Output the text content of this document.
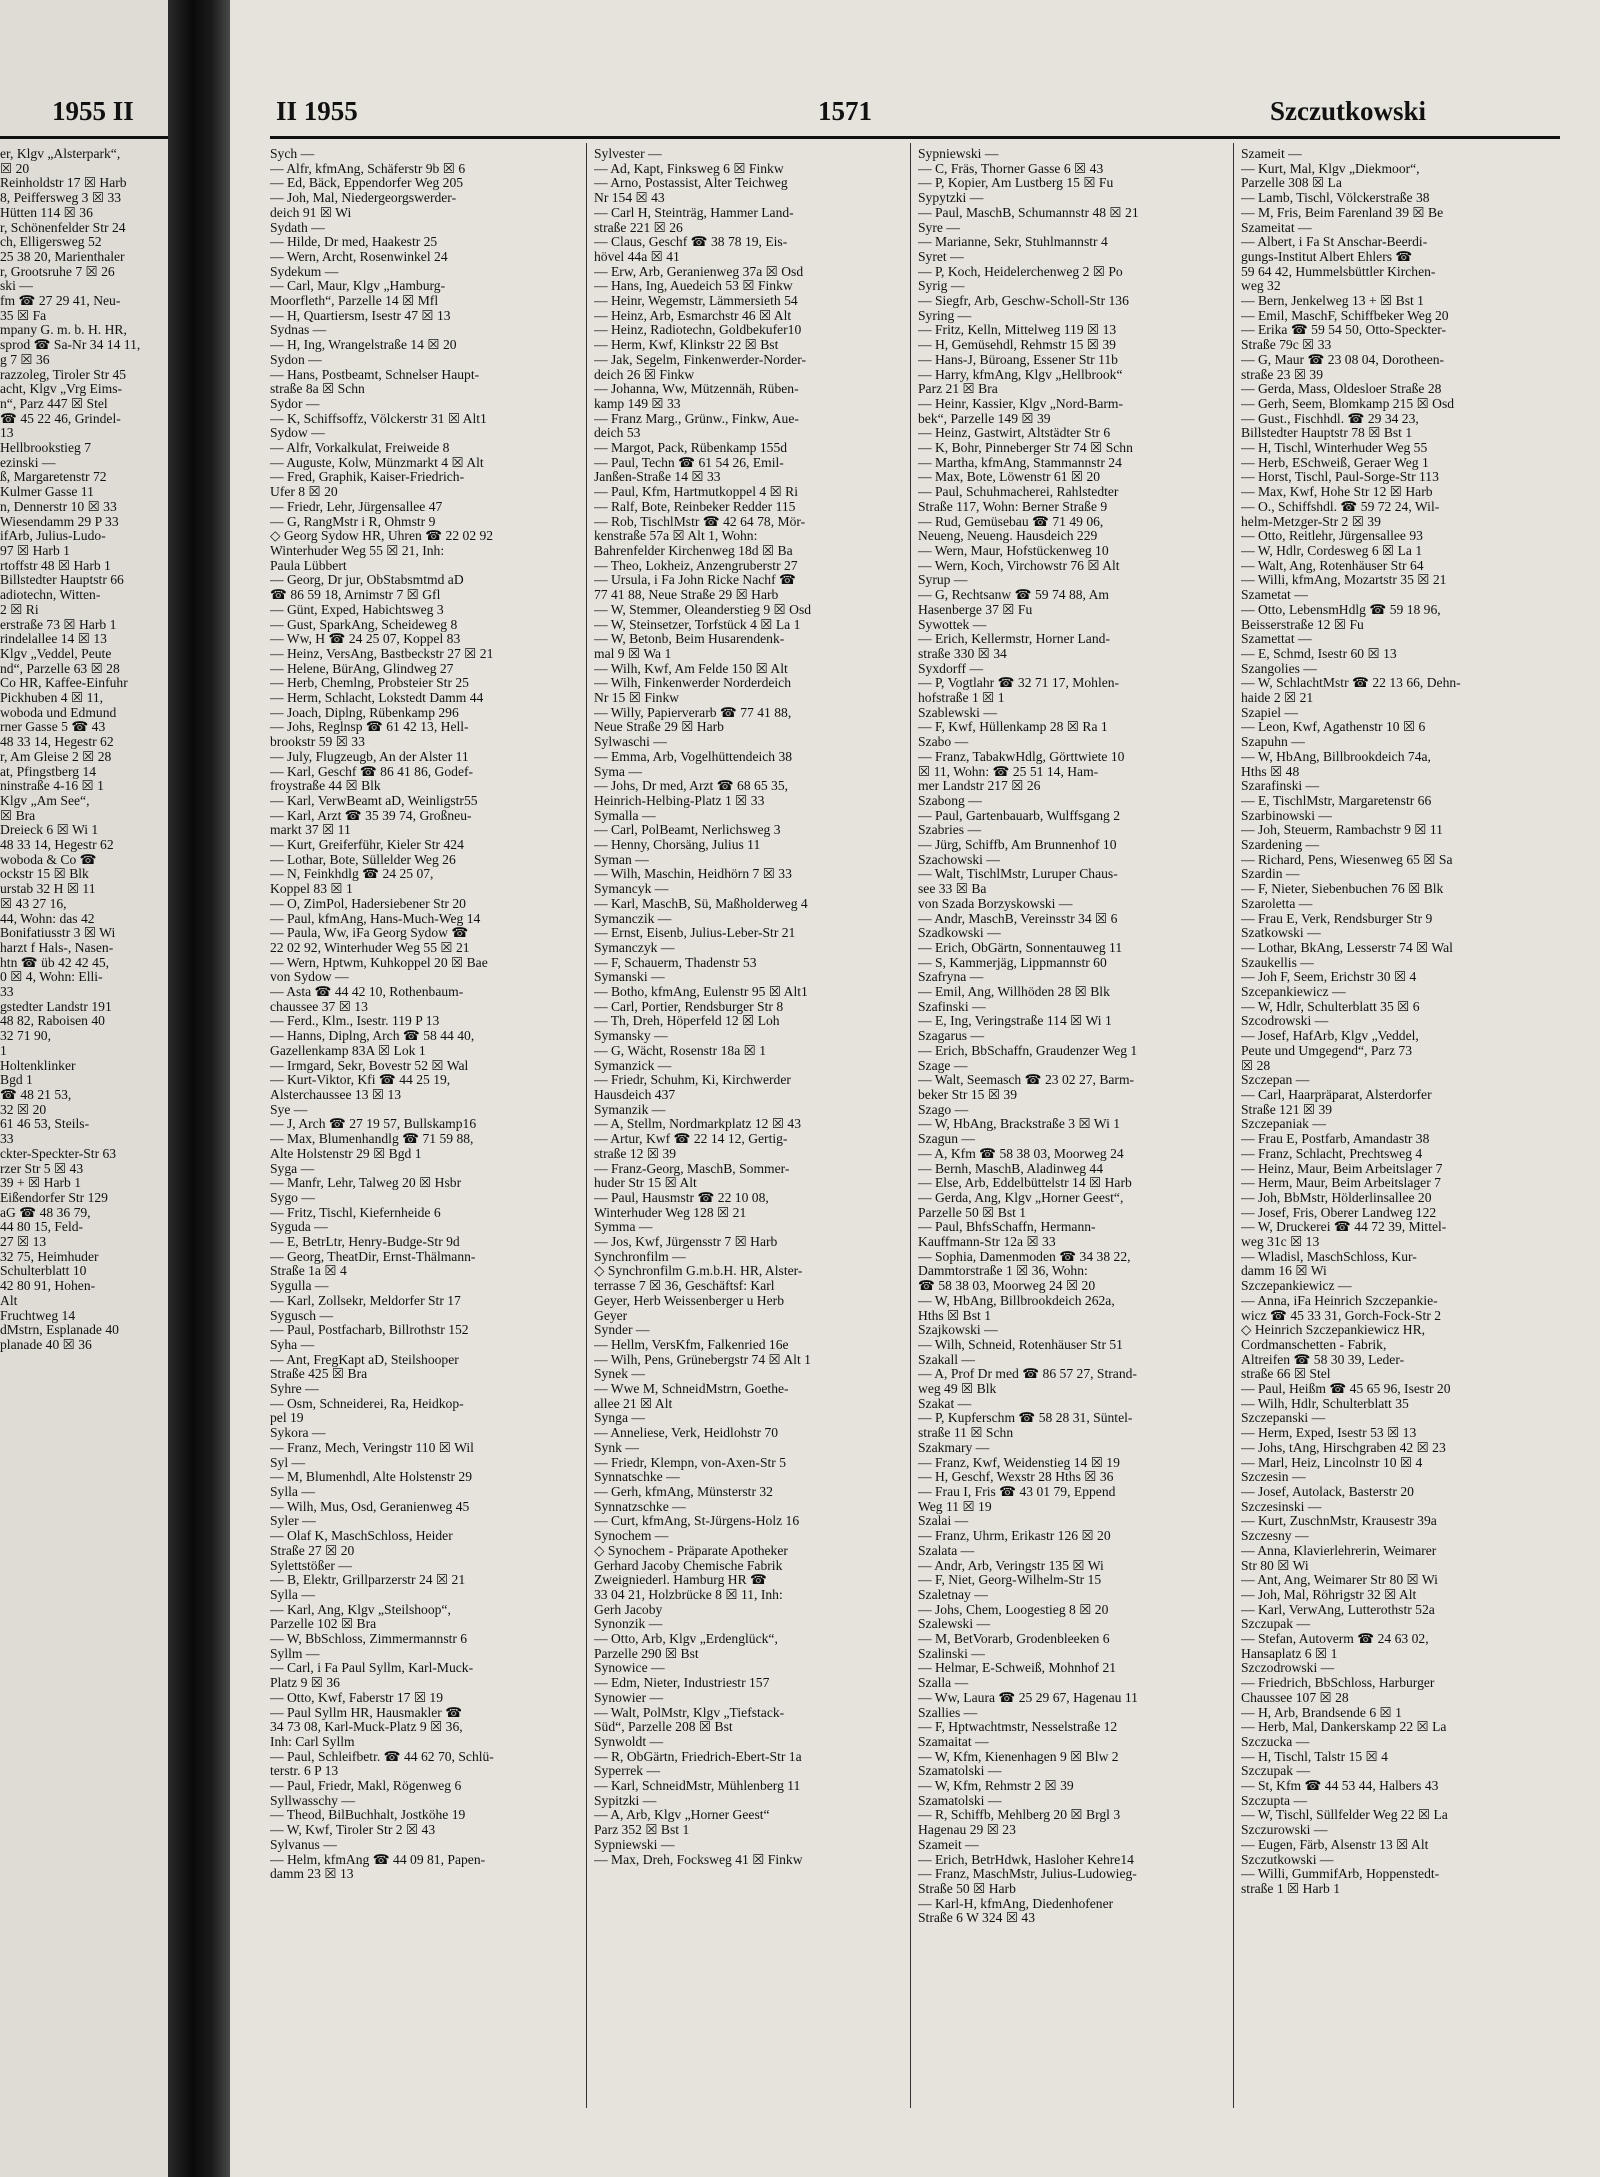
1955 II
er, Klgv „Alsterpark“,
☒ 20
Reinholdstr 17 ☒ Harb
8, Peiffersweg 3 ☒ 33
Hütten 114 ☒ 36
r, Schönenfelder Str 24
ch, Elligersweg 52
25 38 20, Marienthaler
r, Grootsruhe 7 ☒ 26
ski —
fm ☎ 27 29 41, Neu-
35 ☒ Fa
mpany G. m. b. H. HR,
sprod ☎ Sa-Nr 34 14 11,
g 7 ☒ 36
razzoleg, Tiroler Str 45
acht, Klgv „Vrg Eims-
n“, Parz 447 ☒ Stel
☎ 45 22 46, Grindel-
13
Hellbrookstieg 7
ezinski —
ß, Margaretenstr 72
Kulmer Gasse 11
n, Dennerstr 10 ☒ 33
Wiesendamm 29 P 33
ifArb, Julius-Ludo-
97 ☒ Harb 1
rtoffstr 48 ☒ Harb 1
Billstedter Hauptstr 66
adiotechn, Witten-
2 ☒ Ri
erstraße 73 ☒ Harb 1
rindelallee 14 ☒ 13
Klgv „Veddel, Peute
nd“, Parzelle 63 ☒ 28
Co HR, Kaffee-Einfuhr
Pickhuben 4 ☒ 11,
woboda und Edmund
rner Gasse 5 ☎ 43
48 33 14, Hegestr 62
r, Am Gleise 2 ☒ 28
at, Pfingstberg 14
ninstraße 4-16 ☒ 1
Klgv „Am See“,
☒ Bra
Dreieck 6 ☒ Wi 1
48 33 14, Hegestr 62
woboda & Co ☎
ockstr 15 ☒ Blk
urstab 32 H ☒ 11
☒ 43 27 16,
44, Wohn: das 42
Bonifatiusstr 3 ☒ Wi
harzt f Hals-, Nasen-
htn ☎ üb 42 42 45,
0 ☒ 4, Wohn: Elli-
33
gstedter Landstr 191
48 82, Raboisen 40
32 71 90,
1
Holtenklinker
Bgd 1
☎ 48 21 53,
32 ☒ 20
61 46 53, Steils-
33
ckter-Speckter-Str 63
rzer Str 5 ☒ 43
39 + ☒ Harb 1
Eißendorfer Str 129
aG ☎ 48 36 79,
44 80 15, Feld-
27 ☒ 13
32 75, Heimhuder
Schulterblatt 10
42 80 91, Hohen-
Alt
Fruchtweg 14
dMstrn, Esplanade 40
planade 40 ☒ 36
II 1955	1571	Szczutkowski
Sych —
— Alfr, kfmAng, Schäferstr 9b ☒ 6
— Ed, Bäck, Eppendorfer Weg 205
— Joh, Mal, Niedergeorgswerder-
deich 91 ☒ Wi
Sydath —
— Hilde, Dr med, Haakestr 25
— Wern, Archt, Rosenwinkel 24
Sydekum —
— Carl, Maur, Klgv „Hamburg-
Moorfleth“, Parzelle 14 ☒ Mfl
— H, Quartiersm, Isestr 47 ☒ 13
Sydnas —
— H, Ing, Wrangelstraße 14 ☒ 20
Sydon —
— Hans, Postbeamt, Schnelser Haupt-
straße 8a ☒ Schn
Sydor —
— K, Schiffsoffz, Völckerstr 31 ☒ Alt1
Sydow —
— Alfr, Vorkalkulat, Freiweide 8
— Auguste, Kolw, Münzmarkt 4 ☒ Alt
— Fred, Graphik, Kaiser-Friedrich-
Ufer 8 ☒ 20
— Friedr, Lehr, Jürgensallee 47
— G, RangMstr i R, Ohmstr 9
◇ Georg Sydow HR, Uhren ☎ 22 02 92
Winterhuder Weg 55 ☒ 21, Inh:
Paula Lübbert
— Georg, Dr jur, ObStabsmtmd aD
☎ 86 59 18, Arnimstr 7 ☒ Gfl
— Günt, Exped, Habichtsweg 3
— Gust, SparkAng, Scheideweg 8
— Ww, H ☎ 24 25 07, Koppel 83
— Heinz, VersAng, Bastbeckstr 27 ☒ 21
— Helene, BürAng, Glindweg 27
— Herb, Chemlng, Probsteier Str 25
— Herm, Schlacht, Lokstedt Damm 44
— Joach, Diplng, Rübenkamp 296
— Johs, Reglnsp ☎ 61 42 13, Hell-
brookstr 59 ☒ 33
— July, Flugzeugb, An der Alster 11
— Karl, Geschf ☎ 86 41 86, Godef-
froystraße 44 ☒ Blk
— Karl, VerwBeamt aD, Weinligstr55
— Karl, Arzt ☎ 35 39 74, Großneu-
markt 37 ☒ 11
— Kurt, Greiferführ, Kieler Str 424
— Lothar, Bote, Süllelder Weg 26
— N, Feinkhdlg ☎ 24 25 07,
Koppel 83 ☒ 1
— O, ZimPol, Hadersiebener Str 20
— Paul, kfmAng, Hans-Much-Weg 14
— Paula, Ww, iFa Georg Sydow ☎
22 02 92, Winterhuder Weg 55 ☒ 21
— Wern, Hptwm, Kuhkoppel 20 ☒ Bae
von Sydow —
— Asta ☎ 44 42 10, Rothenbaum-
chaussee 37 ☒ 13
— Ferd., Klm., Isestr. 119 P 13
— Hanns, Diplng, Arch ☎ 58 44 40,
Gazellenkamp 83A ☒ Lok 1
— Irmgard, Sekr, Bovestr 52 ☒ Wal
— Kurt-Viktor, Kfi ☎ 44 25 19,
Alsterchaussee 13 ☒ 13
Sye —
— J, Arch ☎ 27 19 57, Bullskamp16
— Max, Blumenhandlg ☎ 71 59 88,
Alte Holstenstr 29 ☒ Bgd 1
Syga —
— Manfr, Lehr, Talweg 20 ☒ Hsbr
Sygo —
— Fritz, Tischl, Kiefernheide 6
Syguda —
— E, BetrLtr, Henry-Budge-Str 9d
— Georg, TheatDir, Ernst-Thälmann-
Straße 1a ☒ 4
Sygulla —
— Karl, Zollsekr, Meldorfer Str 17
Sygusch —
— Paul, Postfacharb, Billrothstr 152
Syha —
— Ant, FregKapt aD, Steilshooper
Straße 425 ☒ Bra
Syhre —
— Osm, Schneiderei, Ra, Heidkop-
pel 19
Sykora —
— Franz, Mech, Veringstr 110 ☒ Wil
Syl —
— M, Blumenhdl, Alte Holstenstr 29
Sylla —
— Wilh, Mus, Osd, Geranienweg 45
Syler —
— Olaf K, MaschSchloss, Heider
Straße 27 ☒ 20
Sylettstößer —
— B, Elektr, Grillparzerstr 24 ☒ 21
Sylla —
— Karl, Ang, Klgv „Steilshoop“,
Parzelle 102 ☒ Bra
— W, BbSchloss, Zimmermannstr 6
Syllm —
— Carl, i Fa Paul Syllm, Karl-Muck-
Platz 9 ☒ 36
— Otto, Kwf, Faberstr 17 ☒ 19
— Paul Syllm HR, Hausmakler ☎
34 73 08, Karl-Muck-Platz 9 ☒ 36,
Inh: Carl Syllm
— Paul, Schleifbetr. ☎ 44 62 70, Schlü-
terstr. 6 P 13
— Paul, Friedr, Makl, Rögenweg 6
Syllwasschy —
— Theod, BilBuchhalt, Jostköhe 19
— W, Kwf, Tiroler Str 2 ☒ 43
Sylvanus —
— Helm, kfmAng ☎ 44 09 81, Papen-
damm 23 ☒ 13
Sylvester —
— Ad, Kapt, Finksweg 6 ☒ Finkw
— Arno, Postassist, Alter Teichweg
Nr 154 ☒ 43
— Carl H, Steinträg, Hammer Land-
straße 221 ☒ 26
— Claus, Geschf ☎ 38 78 19, Eis-
hövel 44a ☒ 41
— Erw, Arb, Geranienweg 37a ☒ Osd
— Hans, Ing, Auedeich 53 ☒ Finkw
— Heinr, Wegemstr, Lämmersieth 54
— Heinz, Arb, Esmarchstr 46 ☒ Alt
— Heinz, Radiotechn, Goldbekufer10
— Herm, Kwf, Klinkstr 22 ☒ Bst
— Jak, Segelm, Finkenwerder-Norder-
deich 26 ☒ Finkw
— Johanna, Ww, Mützennäh, Rüben-
kamp 149 ☒ 33
— Franz Marg., Grünw., Finkw, Aue-
deich 53
— Margot, Pack, Rübenkamp 155d
— Paul, Techn ☎ 61 54 26, Emil-
Janßen-Straße 14 ☒ 33
— Paul, Kfm, Hartmutkoppel 4 ☒ Ri
— Ralf, Bote, Reinbeker Redder 115
— Rob, TischlMstr ☎ 42 64 78, Mör-
kenstraße 57a ☒ Alt 1, Wohn:
Bahrenfelder Kirchenweg 18d ☒ Ba
— Theo, Lokheiz, Anzengruberstr 27
— Ursula, i Fa John Ricke Nachf ☎
77 41 88, Neue Straße 29 ☒ Harb
— W, Stemmer, Oleanderstieg 9 ☒ Osd
— W, Steinsetzer, Torfstück 4 ☒ La 1
— W, Betonb, Beim Husarendenk-
mal 9 ☒ Wa 1
— Wilh, Kwf, Am Felde 150 ☒ Alt
— Wilh, Finkenwerder Norderdeich
Nr 15 ☒ Finkw
— Willy, Papierverarb ☎ 77 41 88,
Neue Straße 29 ☒ Harb
Sylwaschi —
— Emma, Arb, Vogelhüttendeich 38
Syma —
— Johs, Dr med, Arzt ☎ 68 65 35,
Heinrich-Helbing-Platz 1 ☒ 33
Symalla —
— Carl, PolBeamt, Nerlichsweg 3
— Henny, Chorsäng, Julius 11
Syman —
— Wilh, Maschin, Heidhörn 7 ☒ 33
Symancyk —
— Karl, MaschB, Sü, Maßholderweg 4
Symanczik —
— Ernst, Eisenb, Julius-Leber-Str 21
Symanczyk —
— F, Schauerm, Thadenstr 53
Symanski —
— Botho, kfmAng, Eulenstr 95 ☒ Alt1
— Carl, Portier, Rendsburger Str 8
— Th, Dreh, Höperfeld 12 ☒ Loh
Symansky —
— G, Wächt, Rosenstr 18a ☒ 1
Symanzick —
— Friedr, Schuhm, Ki, Kirchwerder
Hausdeich 437
Symanzik —
— A, Stellm, Nordmarkplatz 12 ☒ 43
— Artur, Kwf ☎ 22 14 12, Gertig-
straße 12 ☒ 39
— Franz-Georg, MaschB, Sommer-
huder Str 15 ☒ Alt
— Paul, Hausmstr ☎ 22 10 08,
Winterhuder Weg 128 ☒ 21
Symma —
— Jos, Kwf, Jürgensstr 7 ☒ Harb
Synchronfilm —
◇ Synchronfilm G.m.b.H. HR, Alster-
terrasse 7 ☒ 36, Geschäftsf: Karl
Geyer, Herb Weissenberger u Herb
Geyer
Synder —
— Hellm, VersKfm, Falkenried 16e
— Wilh, Pens, Grünebergstr 74 ☒ Alt 1
Synek —
— Wwe M, SchneidMstrn, Goethe-
allee 21 ☒ Alt
Synga —
— Anneliese, Verk, Heidlohstr 70
Synk —
— Friedr, Klempn, von-Axen-Str 5
Synnatschke —
— Gerh, kfmAng, Münsterstr 32
Synnatzschke —
— Curt, kfmAng, St-Jürgens-Holz 16
Synochem —
◇ Synochem - Präparate Apotheker
Gerhard Jacoby Chemische Fabrik
Zweigniederl. Hamburg HR ☎
33 04 21, Holzbrücke 8 ☒ 11, Inh:
Gerh Jacoby
Synonzik —
— Otto, Arb, Klgv „Erdenglück“,
Parzelle 290 ☒ Bst
Synowice —
— Edm, Nieter, Industriestr 157
Synowier —
— Walt, PolMstr, Klgv „Tiefstack-
Süd“, Parzelle 208 ☒ Bst
Synwoldt —
— R, ObGärtn, Friedrich-Ebert-Str 1a
Syperrek —
— Karl, SchneidMstr, Mühlenberg 11
Sypitzki —
— A, Arb, Klgv „Horner Geest“
Parz 352 ☒ Bst 1
Sypniewski —
— Max, Dreh, Focksweg 41 ☒ Finkw
Sypniewski —
— C, Fräs, Thorner Gasse 6 ☒ 43
— P, Kopier, Am Lustberg 15 ☒ Fu
Sypytzki —
— Paul, MaschB, Schumannstr 48 ☒ 21
Syre —
— Marianne, Sekr, Stuhlmannstr 4
Syret —
— P, Koch, Heidelerchenweg 2 ☒ Po
Syrig —
— Siegfr, Arb, Geschw-Scholl-Str 136
Syring —
— Fritz, Kelln, Mittelweg 119 ☒ 13
— H, Gemüsehdl, Rehmstr 15 ☒ 39
— Hans-J, Büroang, Essener Str 11b
— Harry, kfmAng, Klgv „Hellbrook“
Parz 21 ☒ Bra
— Heinr, Kassier, Klgv „Nord-Barm-
bek“, Parzelle 149 ☒ 39
— Heinz, Gastwirt, Altstädter Str 6
— K, Bohr, Pinneberger Str 74 ☒ Schn
— Martha, kfmAng, Stammannstr 24
— Max, Bote, Löwenstr 61 ☒ 20
— Paul, Schuhmacherei, Rahlstedter
Straße 117, Wohn: Berner Straße 9
— Rud, Gemüsebau ☎ 71 49 06,
Neueng, Neueng. Hausdeich 229
— Wern, Maur, Hofstückenweg 10
— Wern, Koch, Virchowstr 76 ☒ Alt
Syrup —
— G, Rechtsanw ☎ 59 74 88, Am
Hasenberge 37 ☒ Fu
Sywottek —
— Erich, Kellermstr, Horner Land-
straße 330 ☒ 34
Syxdorff —
— P, Vogtlahr ☎ 32 71 17, Mohlen-
hofstraße 1 ☒ 1
Szablewski —
— F, Kwf, Hüllenkamp 28 ☒ Ra 1
Szabo —
— Franz, TabakwHdlg, Görttwiete 10
☒ 11, Wohn: ☎ 25 51 14, Ham-
mer Landstr 217 ☒ 26
Szabong —
— Paul, Gartenbauarb, Wulffsgang 2
Szabries —
— Jürg, Schiffb, Am Brunnenhof 10
Szachowski —
— Walt, TischlMstr, Luruper Chaus-
see 33 ☒ Ba
von Szada Borzyskowski —
— Andr, MaschB, Vereinsstr 34 ☒ 6
Szadkowski —
— Erich, ObGärtn, Sonnentauweg 11
— S, Kammerjäg, Lippmannstr 60
Szafryna —
— Emil, Ang, Willhöden 28 ☒ Blk
Szafinski —
— E, Ing, Veringstraße 114 ☒ Wi 1
Szagarus —
— Erich, BbSchaffn, Graudenzer Weg 1
Szage —
— Walt, Seemasch ☎ 23 02 27, Barm-
beker Str 15 ☒ 39
Szago —
— W, HbAng, Brackstraße 3 ☒ Wi 1
Szagun —
— A, Kfm ☎ 58 38 03, Moorweg 24
— Bernh, MaschB, Aladinweg 44
— Else, Arb, Eddelbüttelstr 14 ☒ Harb
— Gerda, Ang, Klgv „Horner Geest“,
Parzelle 50 ☒ Bst 1
— Paul, BhfsSchaffn, Hermann-
Kauffmann-Str 12a ☒ 33
— Sophia, Damenmoden ☎ 34 38 22,
Dammtorstraße 1 ☒ 36, Wohn:
☎ 58 38 03, Moorweg 24 ☒ 20
— W, HbAng, Billbrookdeich 262a,
Hths ☒ Bst 1
Szajkowski —
— Wilh, Schneid, Rotenhäuser Str 51
Szakall —
— A, Prof Dr med ☎ 86 57 27, Strand-
weg 49 ☒ Blk
Szakat —
— P, Kupferschm ☎ 58 28 31, Süntel-
straße 11 ☒ Schn
Szakmary —
— Franz, Kwf, Weidenstieg 14 ☒ 19
— H, Geschf, Wexstr 28 Hths ☒ 36
— Frau I, Fris ☎ 43 01 79, Eppend
Weg 11 ☒ 19
Szalai —
— Franz, Uhrm, Erikastr 126 ☒ 20
Szalata —
— Andr, Arb, Veringstr 135 ☒ Wi
— F, Niet, Georg-Wilhelm-Str 15
Szaletnay —
— Johs, Chem, Loogestieg 8 ☒ 20
Szalewski —
— M, BetVorarb, Grodenbleeken 6
Szalinski —
— Helmar, E-Schweiß, Mohnhof 21
Szalla —
— Ww, Laura ☎ 25 29 67, Hagenau 11
Szallies —
— F, Hptwachtmstr, Nesselstraße 12
Szamaitat —
— W, Kfm, Kienenhagen 9 ☒ Blw 2
Szamatolski —
— W, Kfm, Rehmstr 2 ☒ 39
Szamatolski —
— R, Schiffb, Mehlberg 20 ☒ Brgl 3
Hagenau 29 ☒ 23
Szameit —
— Erich, BetrHdwk, Hasloher Kehre14
— Franz, MaschMstr, Julius-Ludowieg-
Straße 50 ☒ Harb
— Karl-H, kfmAng, Diedenhofener
Straße 6 W 324 ☒ 43
Szameit —
— Kurt, Mal, Klgv „Diekmoor“,
Parzelle 308 ☒ La
— Lamb, Tischl, Völckerstraße 38
— M, Fris, Beim Farenland 39 ☒ Be
Szameitat —
— Albert, i Fa St Anschar-Beerdi-
gungs-Institut Albert Ehlers ☎
59 64 42, Hummelsbüttler Kirchen-
weg 32
— Bern, Jenkelweg 13 + ☒ Bst 1
— Emil, MaschF, Schiffbeker Weg 20
— Erika ☎ 59 54 50, Otto-Speckter-
Straße 79c ☒ 33
— G, Maur ☎ 23 08 04, Dorotheen-
straße 23 ☒ 39
— Gerda, Mass, Oldesloer Straße 28
— Gerh, Seem, Blomkamp 215 ☒ Osd
— Gust., Fischhdl. ☎ 29 34 23,
Billstedter Hauptstr 78 ☒ Bst 1
— H, Tischl, Winterhuder Weg 55
— Herb, ESchweiß, Geraer Weg 1
— Horst, Tischl, Paul-Sorge-Str 113
— Max, Kwf, Hohe Str 12 ☒ Harb
— O., Schiffshdl. ☎ 59 72 24, Wil-
helm-Metzger-Str 2 ☒ 39
— Otto, Reitlehr, Jürgensallee 93
— W, Hdlr, Cordesweg 6 ☒ La 1
— Walt, Ang, Rotenhäuser Str 64
— Willi, kfmAng, Mozartstr 35 ☒ 21
Szametat —
— Otto, LebensmHdlg ☎ 59 18 96,
Beisserstraße 12 ☒ Fu
Szamettat —
— E, Schmd, Isestr 60 ☒ 13
Szangolies —
— W, SchlachtMstr ☎ 22 13 66, Dehn-
haide 2 ☒ 21
Szapiel —
— Leon, Kwf, Agathenstr 10 ☒ 6
Szapuhn —
— W, HbAng, Billbrookdeich 74a,
Hths ☒ 48
Szarafinski —
— E, TischlMstr, Margaretenstr 66
Szarbinowski —
— Joh, Steuerm, Rambachstr 9 ☒ 11
Szardening —
— Richard, Pens, Wiesenweg 65 ☒ Sa
Szardin —
— F, Nieter, Siebenbuchen 76 ☒ Blk
Szaroletta —
— Frau E, Verk, Rendsburger Str 9
Szatkowski —
— Lothar, BkAng, Lesserstr 74 ☒ Wal
Szaukellis —
— Joh F, Seem, Erichstr 30 ☒ 4
Szcepankiewicz —
— W, Hdlr, Schulterblatt 35 ☒ 6
Szcodrowski —
— Josef, HafArb, Klgv „Veddel,
Peute und Umgegend“, Parz 73
☒ 28
Szczepan —
— Carl, Haarpräparat, Alsterdorfer
Straße 121 ☒ 39
Szczepaniak —
— Frau E, Postfarb, Amandastr 38
— Franz, Schlacht, Prechtsweg 4
— Heinz, Maur, Beim Arbeitslager 7
— Herm, Maur, Beim Arbeitslager 7
— Joh, BbMstr, Hölderlinsallee 20
— Josef, Fris, Oberer Landweg 122
— W, Druckerei ☎ 44 72 39, Mittel-
weg 31c ☒ 13
— Wladisl, MaschSchloss, Kur-
damm 16 ☒ Wi
Szczepankiewicz —
— Anna, iFa Heinrich Szczepankie-
wicz ☎ 45 33 31, Gorch-Fock-Str 2
◇ Heinrich Szczepankiewicz HR,
Cordmanschetten - Fabrik,
Altreifen ☎ 58 30 39, Leder-
straße 66 ☒ Stel
— Paul, Heißm ☎ 45 65 96, Isestr 20
— Wilh, Hdlr, Schulterblatt 35
Szczepanski —
— Herm, Exped, Isestr 53 ☒ 13
— Johs, tAng, Hirschgraben 42 ☒ 23
— Marl, Heiz, Lincolnstr 10 ☒ 4
Szczesin —
— Josef, Autolack, Basterstr 20
Szczesinski —
— Kurt, ZuschnMstr, Krausestr 39a
Szczesny —
— Anna, Klavierlehrerin, Weimarer
Str 80 ☒ Wi
— Ant, Ang, Weimarer Str 80 ☒ Wi
— Joh, Mal, Röhrigstr 32 ☒ Alt
— Karl, VerwAng, Lutterothstr 52a
Szczupak —
— Stefan, Autoverm ☎ 24 63 02,
Hansaplatz 6 ☒ 1
Szczodrowski —
— Friedrich, BbSchloss, Harburger
Chaussee 107 ☒ 28
— H, Arb, Brandsende 6 ☒ 1
— Herb, Mal, Dankerskamp 22 ☒ La
Szczucka —
— H, Tischl, Talstr 15 ☒ 4
Szczupak —
— St, Kfm ☎ 44 53 44, Halbers 43
Szczupta —
— W, Tischl, Süllfelder Weg 22 ☒ La
Szczurowski —
— Eugen, Färb, Alsenstr 13 ☒ Alt
Szczutkowski —
— Willi, GummifArb, Hoppenstedt-
straße 1 ☒ Harb 1
